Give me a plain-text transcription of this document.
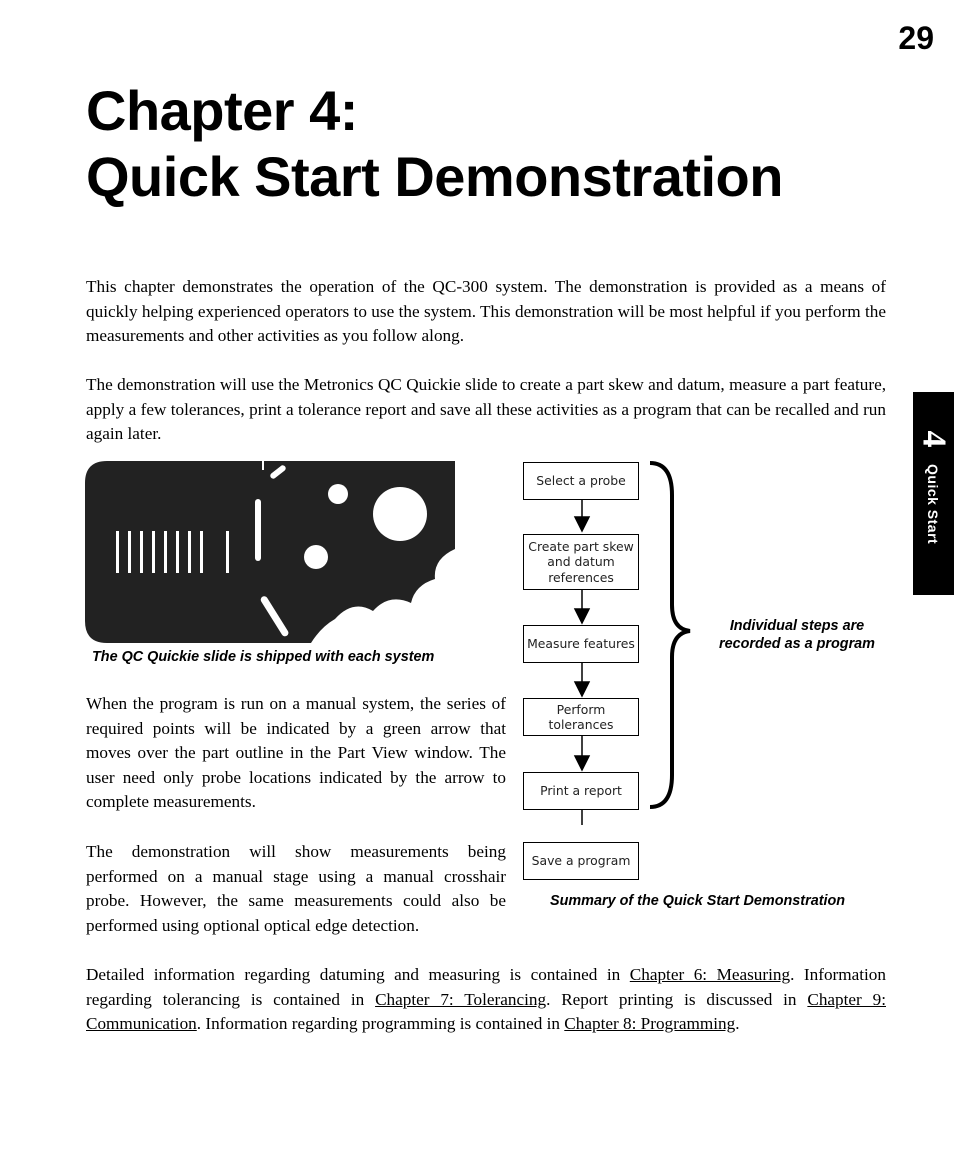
29
Chapter 4:
Quick Start Demonstration

This chapter demonstrates the operation of the QC-300 system. The demonstration is provided as a means of quickly helping experienced operators to use the system. This demonstration will be most helpful if you perform the measurements and other activities as you follow along.

The demonstration will use the Metronics QC Quickie slide to create a part skew and datum, measure a part feature, apply a few tolerances, print a tolerance report and save all these activities as a program that can be recalled and run again later.	4
Quick Start
The QC Quickie slide is shipped with each system
Select a probe
Create part skew and datum references
Measure features
Perform tolerances
Print a report
Save a program
Individual steps are
recorded as a program
Summary of the Quick Start Demonstration

When the program is run on a manual system, the series of required points will be indicated by a green arrow that moves over the part outline in the Part View window. The user need only probe locations indicated by the arrow to complete measurements.

The demonstration will show measurements being performed on a manual stage using a manual crosshair probe. However, the same measurements could also be performed using optional optical edge detection.

Detailed information regarding datuming and measuring is contained in Chapter 6: Measuring. Information regarding tolerancing is contained in Chapter 7: Tolerancing. Report printing is discussed in Chapter 9: Communication. Information regarding programming is contained in Chapter 8: Programming.
